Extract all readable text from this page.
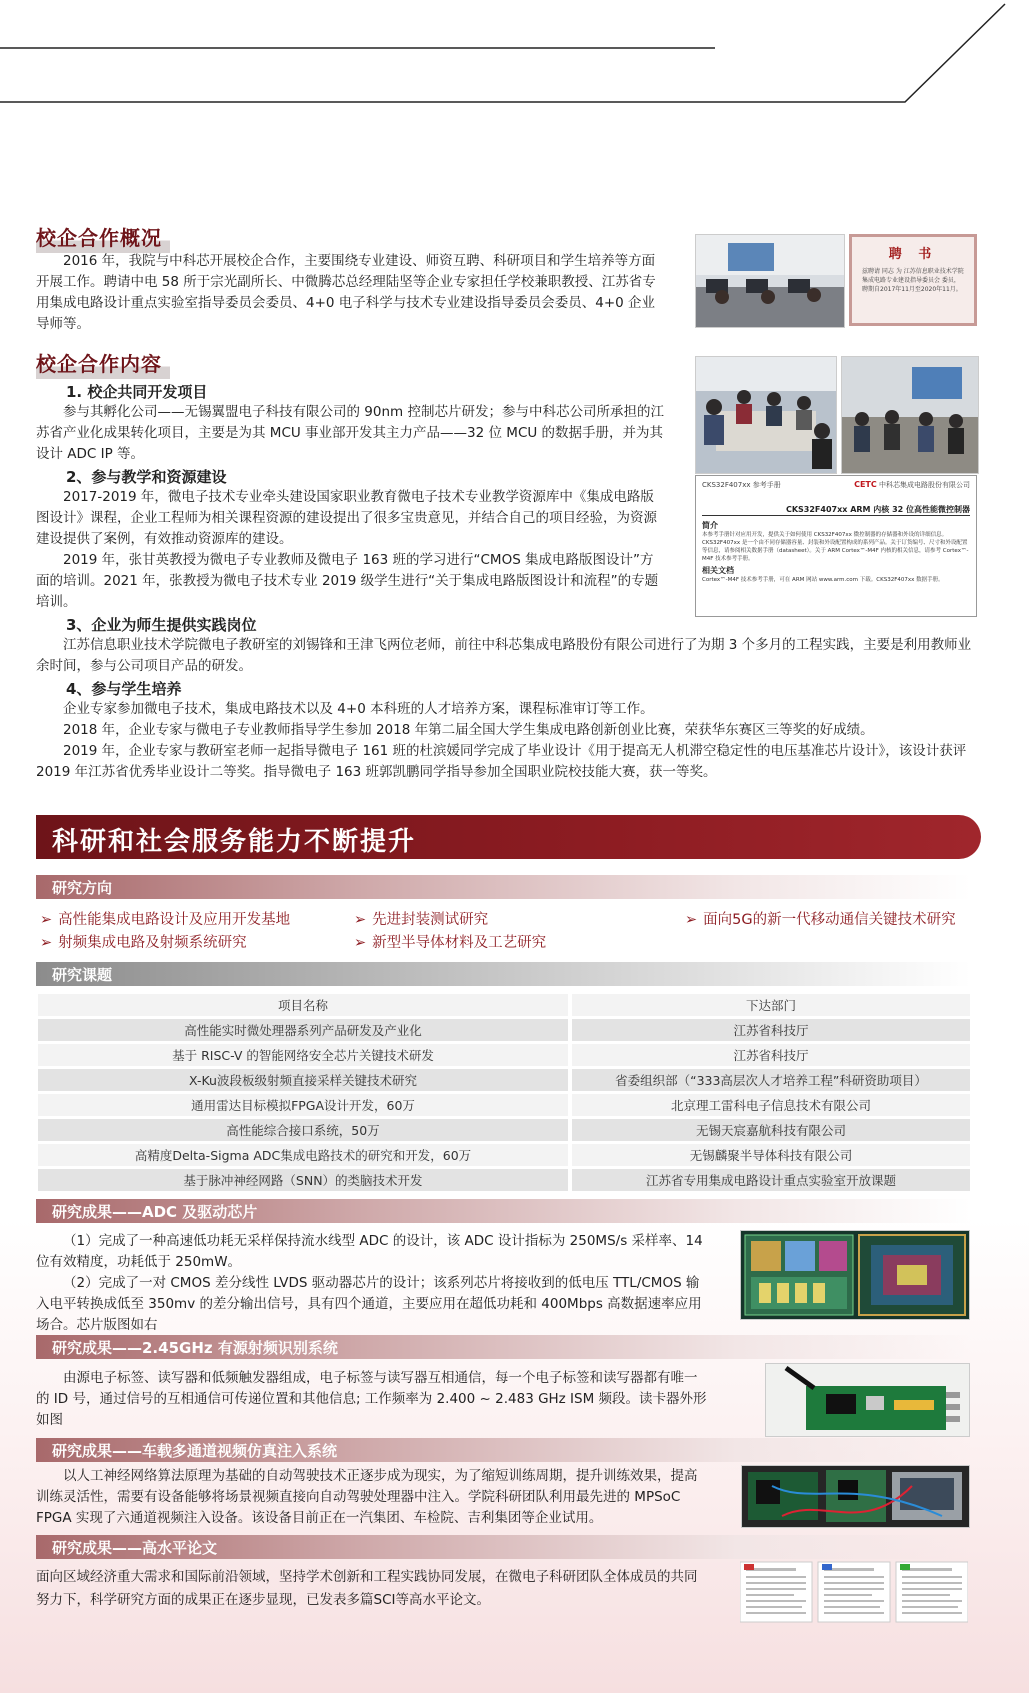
校企合作概况

2016 年，我院与中科芯开展校企合作，主要围绕专业建设、师资互聘、科研项目和学生培养等方面开展工作。聘请中电 58 所于宗光副所长、中微腾芯总经理陆坚等企业专家担任学校兼职教授、江苏省专用集成电路设计重点实验室指导委员会委员、4+0 电子科学与技术专业建设指导委员会委员、4+0 企业导师等。

校企合作内容
1. 校企共同开发项目

参与其孵化公司——无锡翼盟电子科技有限公司的 90nm 控制芯片研发；参与中科芯公司所承担的江苏省产业化成果转化项目，主要是为其 MCU 事业部开发其主力产品——32 位 MCU 的数据手册，并为其设计 ADC IP 等。

2、参与教学和资源建设

2017-2019 年，微电子技术专业牵头建设国家职业教育微电子技术专业教学资源库中《集成电路版图设计》课程，企业工程师为相关课程资源的建设提出了很多宝贵意见，并结合自己的项目经验，为资源建设提供了案例，有效推动资源库的建设。

2019 年，张甘英教授为微电子专业教师及微电子 163 班的学习进行“CMOS 集成电路版图设计”方面的培训。2021 年，张教授为微电子技术专业 2019 级学生进行“关于集成电路版图设计和流程”的专题培训。

3、企业为师生提供实践岗位

江苏信息职业技术学院微电子教研室的刘锡锋和王津飞两位老师，前往中科芯集成电路股份有限公司进行了为期 3 个多月的工程实践，主要是利用教师业余时间，参与公司项目产品的研发。

4、参与学生培养

企业专家参加微电子技术，集成电路技术以及 4+0 本科班的人才培养方案，课程标准审订等工作。

2018 年，企业专家与微电子专业教师指导学生参加 2018 年第二届全国大学生集成电路创新创业比赛，荣获华东赛区三等奖的好成绩。

2019 年，企业专家与教研室老师一起指导微电子 161 班的杜滨媛同学完成了毕业设计《用于提高无人机滞空稳定性的电压基准芯片设计》，该设计获评 2019 年江苏省优秀毕业设计二等奖。指导微电子 163 班郭凯鹏同学指导参加全国职业院校技能大赛，获一等奖。

聘 书
兹聘请 同志 为 江苏信息职业技术学院 集成电路专业建设指导委员会 委员，聘期自2017年11月至2020年11月。
CKS32F407xx 参考手册	CETC 中科芯集成电路股份有限公司
CKS32F407xx ARM 内核 32 位高性能微控制器
简介
本参考手册针对应用开发，提供关于如何使用 CKS32F407xx 微控制器的存储器和外设的详细信息。CKS32F407xx 是一个由不同存储器容量、封装和外设配置构成的系列产品。关于订货编号、尺寸和外设配置等信息，请参阅相关数据手册（datasheet）。关于 ARM Cortex™-M4F 内核的相关信息，请参考 Cortex™-M4F 技术参考手册。
相关文档
Cortex™-M4F 技术参考手册，可在 ARM 网站 www.arm.com 下载。CKS32F407xx 数据手册。
科研和社会服务能力不断提升
研究方向
➢ 高性能集成电路设计及应用开发基地	➢ 先进封装测试研究	➢ 面向5G的新一代移动通信关键技术研究
➢ 射频集成电路及射频系统研究	➢ 新型半导体材料及工艺研究
研究课题
项目名称		下达部门
高性能实时微处理器系列产品研发及产业化		江苏省科技厅
基于 RISC-V 的智能网络安全芯片关键技术研发		江苏省科技厅
X-Ku波段板级射频直接采样关键技术研究		省委组织部（“333高层次人才培养工程”科研资助项目）
通用雷达目标模拟FPGA设计开发，60万		北京理工雷科电子信息技术有限公司
高性能综合接口系统，50万		无锡天宸嘉航科技有限公司
高精度Delta-Sigma ADC集成电路技术的研究和开发，60万		无锡麟聚半导体科技有限公司
基于脉冲神经网路（SNN）的类脑技术开发		江苏省专用集成电路设计重点实验室开放课题
研究成果——ADC 及驱动芯片

（1）完成了一种高速低功耗无采样保持流水线型 ADC 的设计，该 ADC 设计指标为 250MS/s 采样率、14 位有效精度，功耗低于 250mW。

（2）完成了一对 CMOS 差分线性 LVDS 驱动器芯片的设计；该系列芯片将接收到的低电压 TTL/CMOS 输入电平转换成低至 350mv 的差分输出信号，具有四个通道，主要应用在超低功耗和 400Mbps 高数据速率应用场合。芯片版图如右

研究成果——2.45GHz 有源射频识别系统

由源电子标签、读写器和低频触发器组成，电子标签与读写器互相通信，每一个电子标签和读写器都有唯一的 ID 号，通过信号的互相通信可传递位置和其他信息; 工作频率为 2.400 ~ 2.483 GHz ISM 频段。读卡器外形如图

研究成果——车载多通道视频仿真注入系统

以人工神经网络算法原理为基础的自动驾驶技术正逐步成为现实，为了缩短训练周期，提升训练效果，提高训练灵活性，需要有设备能够将场景视频直接向自动驾驶处理器中注入。学院科研团队利用最先进的 MPSoC FPGA 实现了六通道视频注入设备。该设备目前正在一汽集团、车检院、吉利集团等企业试用。

研究成果——高水平论文

面向区域经济重大需求和国际前沿领域，坚持学术创新和工程实践协同发展，在微电子科研团队全体成员的共同努力下，科学研究方面的成果正在逐步显现，已发表多篇SCI等高水平论文。
